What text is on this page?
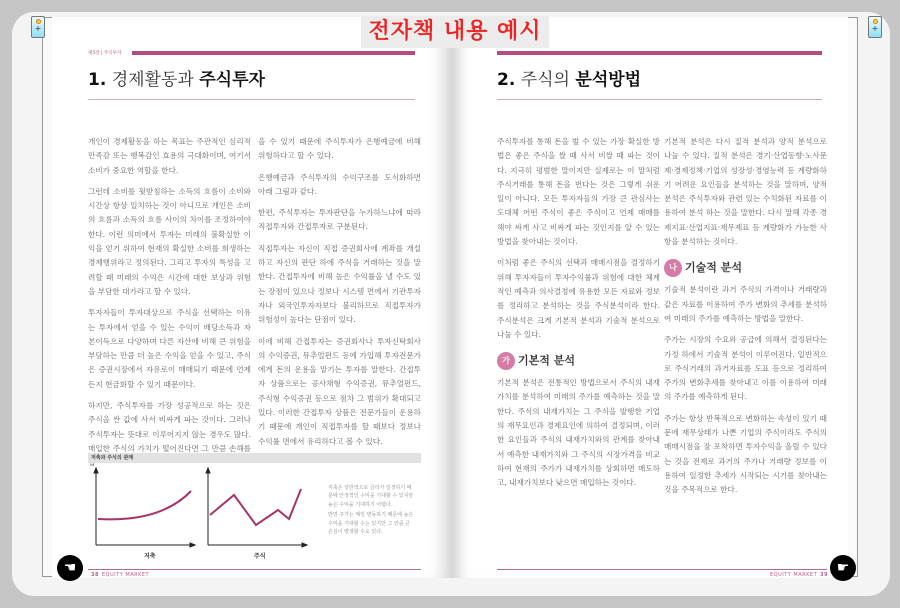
+	+
전자책 내용 예시
제5장 | 주식투자
1. 경제활동과 주식투자

개인이 경제활동을 하는 목표는 주관적인 심리적 만족감 또는 행복감인 효용의 극대화이며, 여기서 소비가 중요한 역할을 한다.

그런데 소비를 뒷받침하는 소득의 흐름이 소비와 시간상 항상 일치하는 것이 아니므로 개인은 소비의 흐름과 소득의 흐름 사이의 차이를 조정하여야 한다. 이런 의미에서 투자는 미래의 불확실한 이익을 얻기 위하여 현재의 확실한 소비를 희생하는 경제행위라고 정의된다. 그리고 투자의 특성을 고려할 때 미래의 수익은 시간에 대한 보상과 위험을 부담한 대가라고 할 수 있다.

투자자들이 투자대상으로 주식을 선택하는 이유는 투자에서 얻을 수 있는 수익이 배당소득과 자본이득으로 다양하며 다른 자산에 비해 큰 위험을 부담하는 만큼 더 높은 수익을 얻을 수 있고, 주식은 증권시장에서 자유로이 매매되기 때문에 언제든지 현금화할 수 있기 때문이다.

하지만, 주식투자를 가장 성공적으로 하는 것은 주식을 싼 값에 사서 비싸게 파는 것이다. 그러나 주식투자는 뜻대로 이루어지지 않는 경우도 많다. 매입한 주식의 가치가 떨어진다면 그 만큼 손해를

을 수 있기 때문에 주식투자가 은행예금에 비해 위험하다고 할 수 있다.

은행예금과 주식투자의 수익구조를 도식화하면 아래 그림과 같다.

한편, 주식투자는 투자판단을 누가하느냐에 따라 직접투자와 간접투자로 구분된다.

직접투자는 자신이 직접 증권회사에 계좌를 개설하고 자신의 판단 하에 주식을 거래하는 것을 말한다. 간접투자에 비해 높은 수익률을 낼 수도 있는 장점이 있으나 정보나 시스템 면에서 기관투자자나 외국인투자자보다 불리하므로 직접투자가 위험성이 높다는 단점이 있다.

이에 비해 간접투자는 증권회사나 투자신탁회사의 수익증권, 뮤추얼펀드 등에 가입해 투자전문가에게 돈의 운용을 맡기는 투자를 말한다. 간접투자 상품으로는 공사채형 수익증권, 뮤추얼펀드, 주식형 수익증권 등으로 점차 그 범위가 확대되고 있다. 이러한 간접투자 상품은 전문가들이 운용하기 때문에 개인이 직접투자를 할 때보다 정보나 수익률 면에서 유리하다고 볼 수 있다.

저축과 주식의 관계
저축	주식

저축은 일반적으로 금리가 일정하기 때문에 안정적인 수익을 기대할 수 있지만 높은 수익을 기대하기 어렵다.

반면 주가는 매일 변동하기 때문에 높은 수익을 기대할 수는 있지만 그 만큼 큰 손실이 발생할 수도 있다.

38 EQUITY MARKET
2. 주식의 분석방법

주식투자를 통해 돈을 벌 수 있는 가장 확실한 방법은 좋은 주식을 쌀 때 사서 비쌀 때 파는 것이다. 지극히 평범한 말이지만 실제로는 이 말처럼 주식거래를 통해 돈을 번다는 것은 그렇게 쉬운 일이 아니다. 모든 투자자들의 가장 큰 관심사는 도대체 어떤 주식이 좋은 주식이고 언제 매매를 해야 싸게 사고 비싸게 파는 것인지를 알 수 있는 방법을 찾아내는 것이다.

이처럼 좋은 주식의 선택과 매매시점을 결정하기 위해 투자자들이 투자수익률과 위험에 대한 체계적인 예측과 의사결정에 유용한 모든 자료와 정보를 정리하고 분석하는 것을 주식분석이라 한다. 주식분석은 크게 기본적 분석과 기술적 분석으로 나눌 수 있다.

가 기본적 분석

기본적 분석은 전통적인 방법으로서 주식의 내재가치를 분석하여 미래의 주가를 예측하는 것을 말한다. 주식의 내재가치는 그 주식을 발행한 기업의 재무요인과 경제요인에 의하여 결정되며, 이러한 요인들과 주식의 내재가치와의 관계를 찾아내서 예측한 내재가치와 그 주식의 시장가격을 비교하여 현재의 주가가 내재가치를 상회하면 매도하고, 내재가치보다 낮으면 매입하는 것이다.

기본적 분석은 다시 질적 분석과 양적 분석으로 나눌 수 있다. 질적 분석은 경기·산업동향·노사문제·경제정책·기업의 성장성·경영능력 등 계량화하기 어려운 요인들을 분석하는 것을 말하며, 양적 분석은 주식투자와 관련 있는 수치화된 자료를 이용하여 분석 하는 것을 말한다. 다시 말해 각종 경제지표·산업지표·재무제표 등 계량화가 가능한 사항을 분석하는 것이다.

나 기술적 분석

기술적 분석이란 과거 주식의 가격이나 거래량과 같은 자료를 이용하여 주가 변화의 추세를 분석하여 미래의 주가를 예측하는 방법을 말한다.

주가는 시장의 수요와 공급에 의해서 결정된다는 가정 하에서 기술적 분석이 이루어진다. 일반적으로 주식거래의 과거자료를 도표 등으로 정리하여 주가의 변화추세를 찾아내고 이를 이용하여 미래의 주가를 예측하게 된다.

주가는 항상 반복적으로 변화하는 속성이 있기 때문에 재무상태가 나쁜 기업의 주식이라도 주식의 매매시점을 잘 포착하면 투자수익을 올릴 수 있다는 것을 전제로 과거의 주가나 거래량 정보를 이용하여 일정한 추세가 시작되는 시기를 찾아내는 것을 주목적으로 한다.

EQUITY MARKET 39
☚	☛
